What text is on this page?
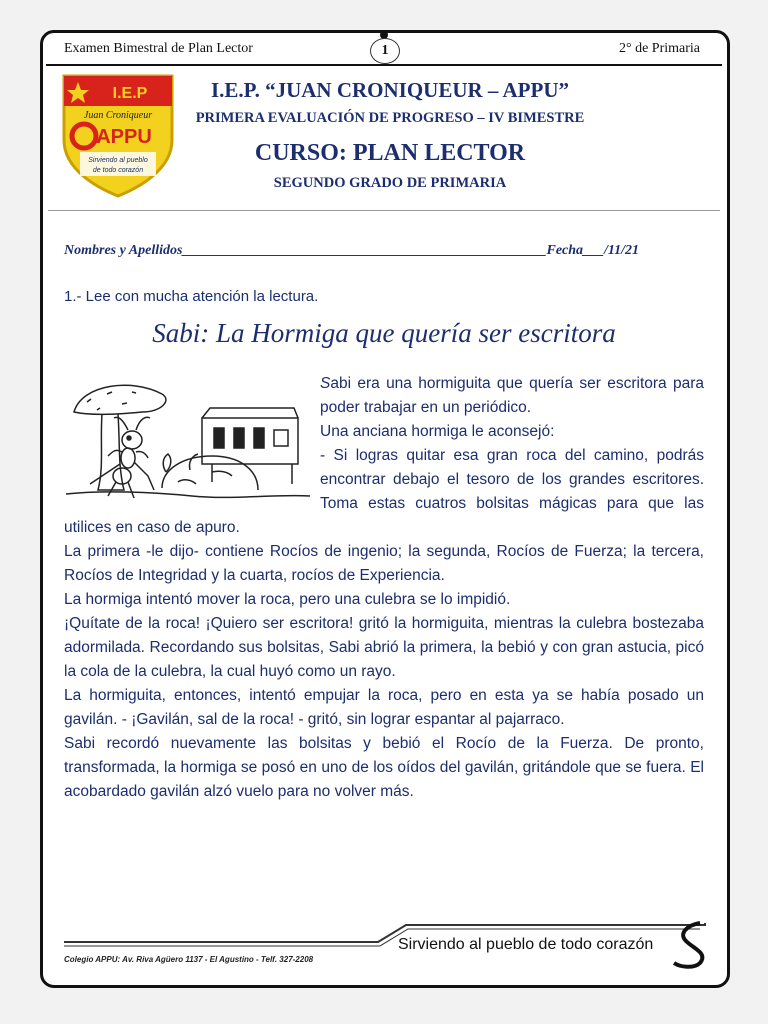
Examen Bimestral de Plan Lector	2° de Primaria
1
I.E.P
Juan Croniqueur
APPU
Sirviendo al pueblo
de todo corazón
I.E.P. “JUAN CRONIQUEUR – APPU”
PRIMERA EVALUACIÓN DE PROGRESO – IV BIMESTRE
CURSO: PLAN LECTOR
SEGUNDO GRADO DE PRIMARIA
Nombres y Apellidos____________________________________________________Fecha___/11/21
1.- Lee con mucha atención la lectura.
Sabi: La Hormiga que quería ser escritora

Sabi era una hormiguita que quería ser escritora para poder trabajar en un periódico.

Una anciana hormiga le aconsejó:

- Si logras quitar esa gran roca del camino, podrás encontrar debajo el tesoro de los grandes escritores. Toma estas cuatros bolsitas mágicas para que las utilices en caso de apuro.

La primera -le dijo- contiene Rocíos de ingenio; la segunda, Rocíos de Fuerza; la tercera, Rocíos de Integridad y la cuarta, rocíos de Experiencia.

La hormiga intentó mover la roca, pero una culebra se lo impidió.

¡Quítate de la roca! ¡Quiero ser escritora! gritó la hormiguita, mientras la culebra bostezaba adormilada. Recordando sus bolsitas, Sabi abrió la primera, la bebió y con gran astucia, picó la cola de la culebra, la cual huyó como un rayo.

La hormiguita, entonces, intentó empujar la roca, pero en esta ya se había posado un gavilán. - ¡Gavilán, sal de la roca! - gritó, sin lograr espantar al pajarraco.

Sabi recordó nuevamente las bolsitas y bebió el Rocío de la Fuerza. De pronto, transformada, la hormiga se posó en uno de los oídos del gavilán, gritándole que se fuera. El acobardado gavilán alzó vuelo para no volver más.

Sirviendo al pueblo de todo corazón
Colegio APPU: Av. Riva Agüero 1137 - El Agustino - Telf. 327-2208
